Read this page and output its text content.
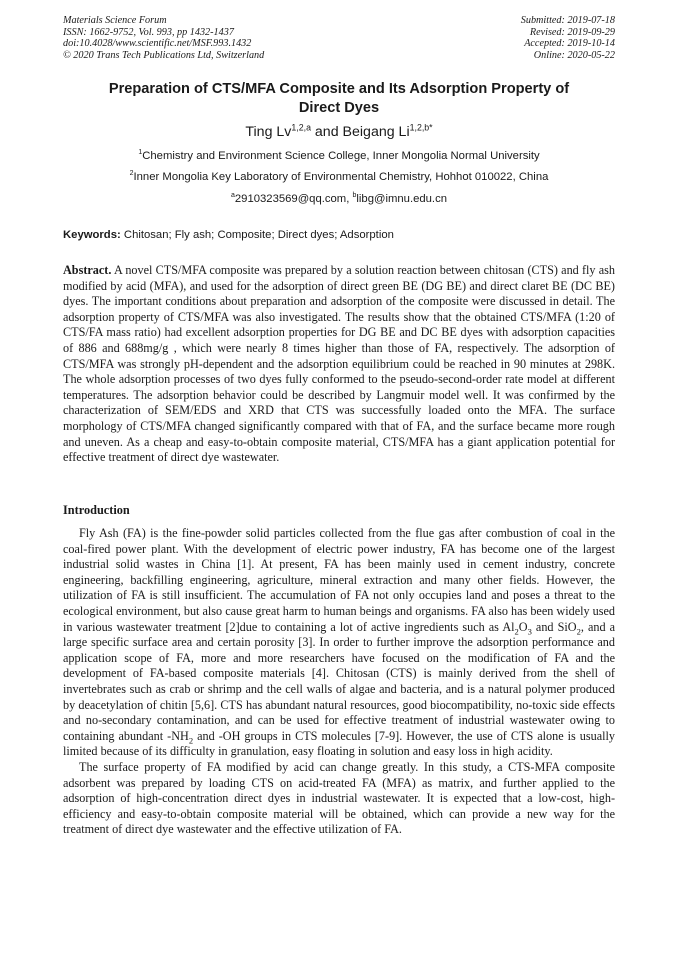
Materials Science Forum
ISSN: 1662-9752, Vol. 993, pp 1432-1437
doi:10.4028/www.scientific.net/MSF.993.1432
© 2020 Trans Tech Publications Ltd, Switzerland
Submitted: 2019-07-18
Revised: 2019-09-29
Accepted: 2019-10-14
Online: 2020-05-22
Preparation of CTS/MFA Composite and Its Adsorption Property of
Direct Dyes
Ting Lv$^{1,2,a}$ and Beigang $Li^{1,2,b*}$
$^1$Chemistry and Environment Science College, Inner Mongolia Normal University
$^2$Inner Mongolia Key Laboratory of Environmental Chemistry, Hohhot 010022, China
$^a$2910323569@qq.com, $^b$libg@imnu.edu.cn
Keywords: Chitosan; Fly ash; Composite; Direct dyes; Adsorption
Abstract. A novel CTS/MFA composite was prepared by a solution reaction between chitosan (CTS) and fly ash modified by acid (MFA), and used for the adsorption of direct green BE (DG BE) and direct claret BE (DC BE) dyes. The important conditions about preparation and adsorption of the composite were discussed in detail. The adsorption property of CTS/MFA was also investigated. The results show that the obtained CTS/MFA (1:20 of CTS/FA mass ratio) had excellent adsorption properties for DG BE and DC BE dyes with adsorption capacities of 886 and 688mg/g , which were nearly 8 times higher than those of FA, respectively. The adsorption of CTS/MFA was strongly pH-dependent and the adsorption equilibrium could be reached in 90 minutes at 298K. The whole adsorption processes of two dyes fully conformed to the pseudo-second-order rate model at different temperatures. The adsorption behavior could be described by Langmuir model well. It was confirmed by the characterization of SEM/EDS and XRD that CTS was successfully loaded onto the MFA. The surface morphology of CTS/MFA changed significantly compared with that of FA, and the surface became more rough and uneven. As a cheap and easy-to-obtain composite material, CTS/MFA has a giant application potential for effective treatment of direct dye wastewater.
Introduction

Fly Ash (FA) is the fine-powder solid particles collected from the flue gas after combustion of coal in the coal-fired power plant. With the development of electric power industry, FA has become one of the largest industrial solid wastes in China [1]. At present, FA has been mainly used in cement industry, concrete engineering, backfilling engineering, agriculture, mineral extraction and many other fields. However, the utilization of FA is still insufficient. The accumulation of FA not only occupies land and poses a threat to the ecological environment, but also cause great harm to human beings and organisms. FA also has been widely used in various wastewater treatment [2]due to containing a lot of active ingredients such as $Al_2O_3$ and SiO$_2$, and a large specific surface area and certain porosity [3]. In order to further improve the adsorption performance and application scope of FA, more and more researchers have focused on the modification of FA and the development of FA-based composite materials [4]. Chitosan (CTS) is mainly derived from the shell of invertebrates such as crab or shrimp and the cell walls of algae and bacteria, and is a natural polymer produced by deacetylation of chitin [5,6]. CTS has abundant natural resources, good biocompatibility, no-toxic side effects and no-secondary contamination, and can be used for effective treatment of industrial wastewater owing to containing abundant $-NH_2$ and -OH groups in CTS molecules [7-9]. However, the use of CTS alone is usually limited because of its difficulty in granulation, easy floating in solution and easy loss in high acidity.

The surface property of FA modified by acid can change greatly. In this study, a CTS-MFA composite adsorbent was prepared by loading CTS on acid-treated FA (MFA) as matrix, and further applied to the adsorption of high-concentration direct dyes in industrial wastewater. It is expected that a low-cost, high-efficiency and easy-to-obtain composite material will be obtained, which can provide a new way for the treatment of direct dye wastewater and the effective utilization of FA.
